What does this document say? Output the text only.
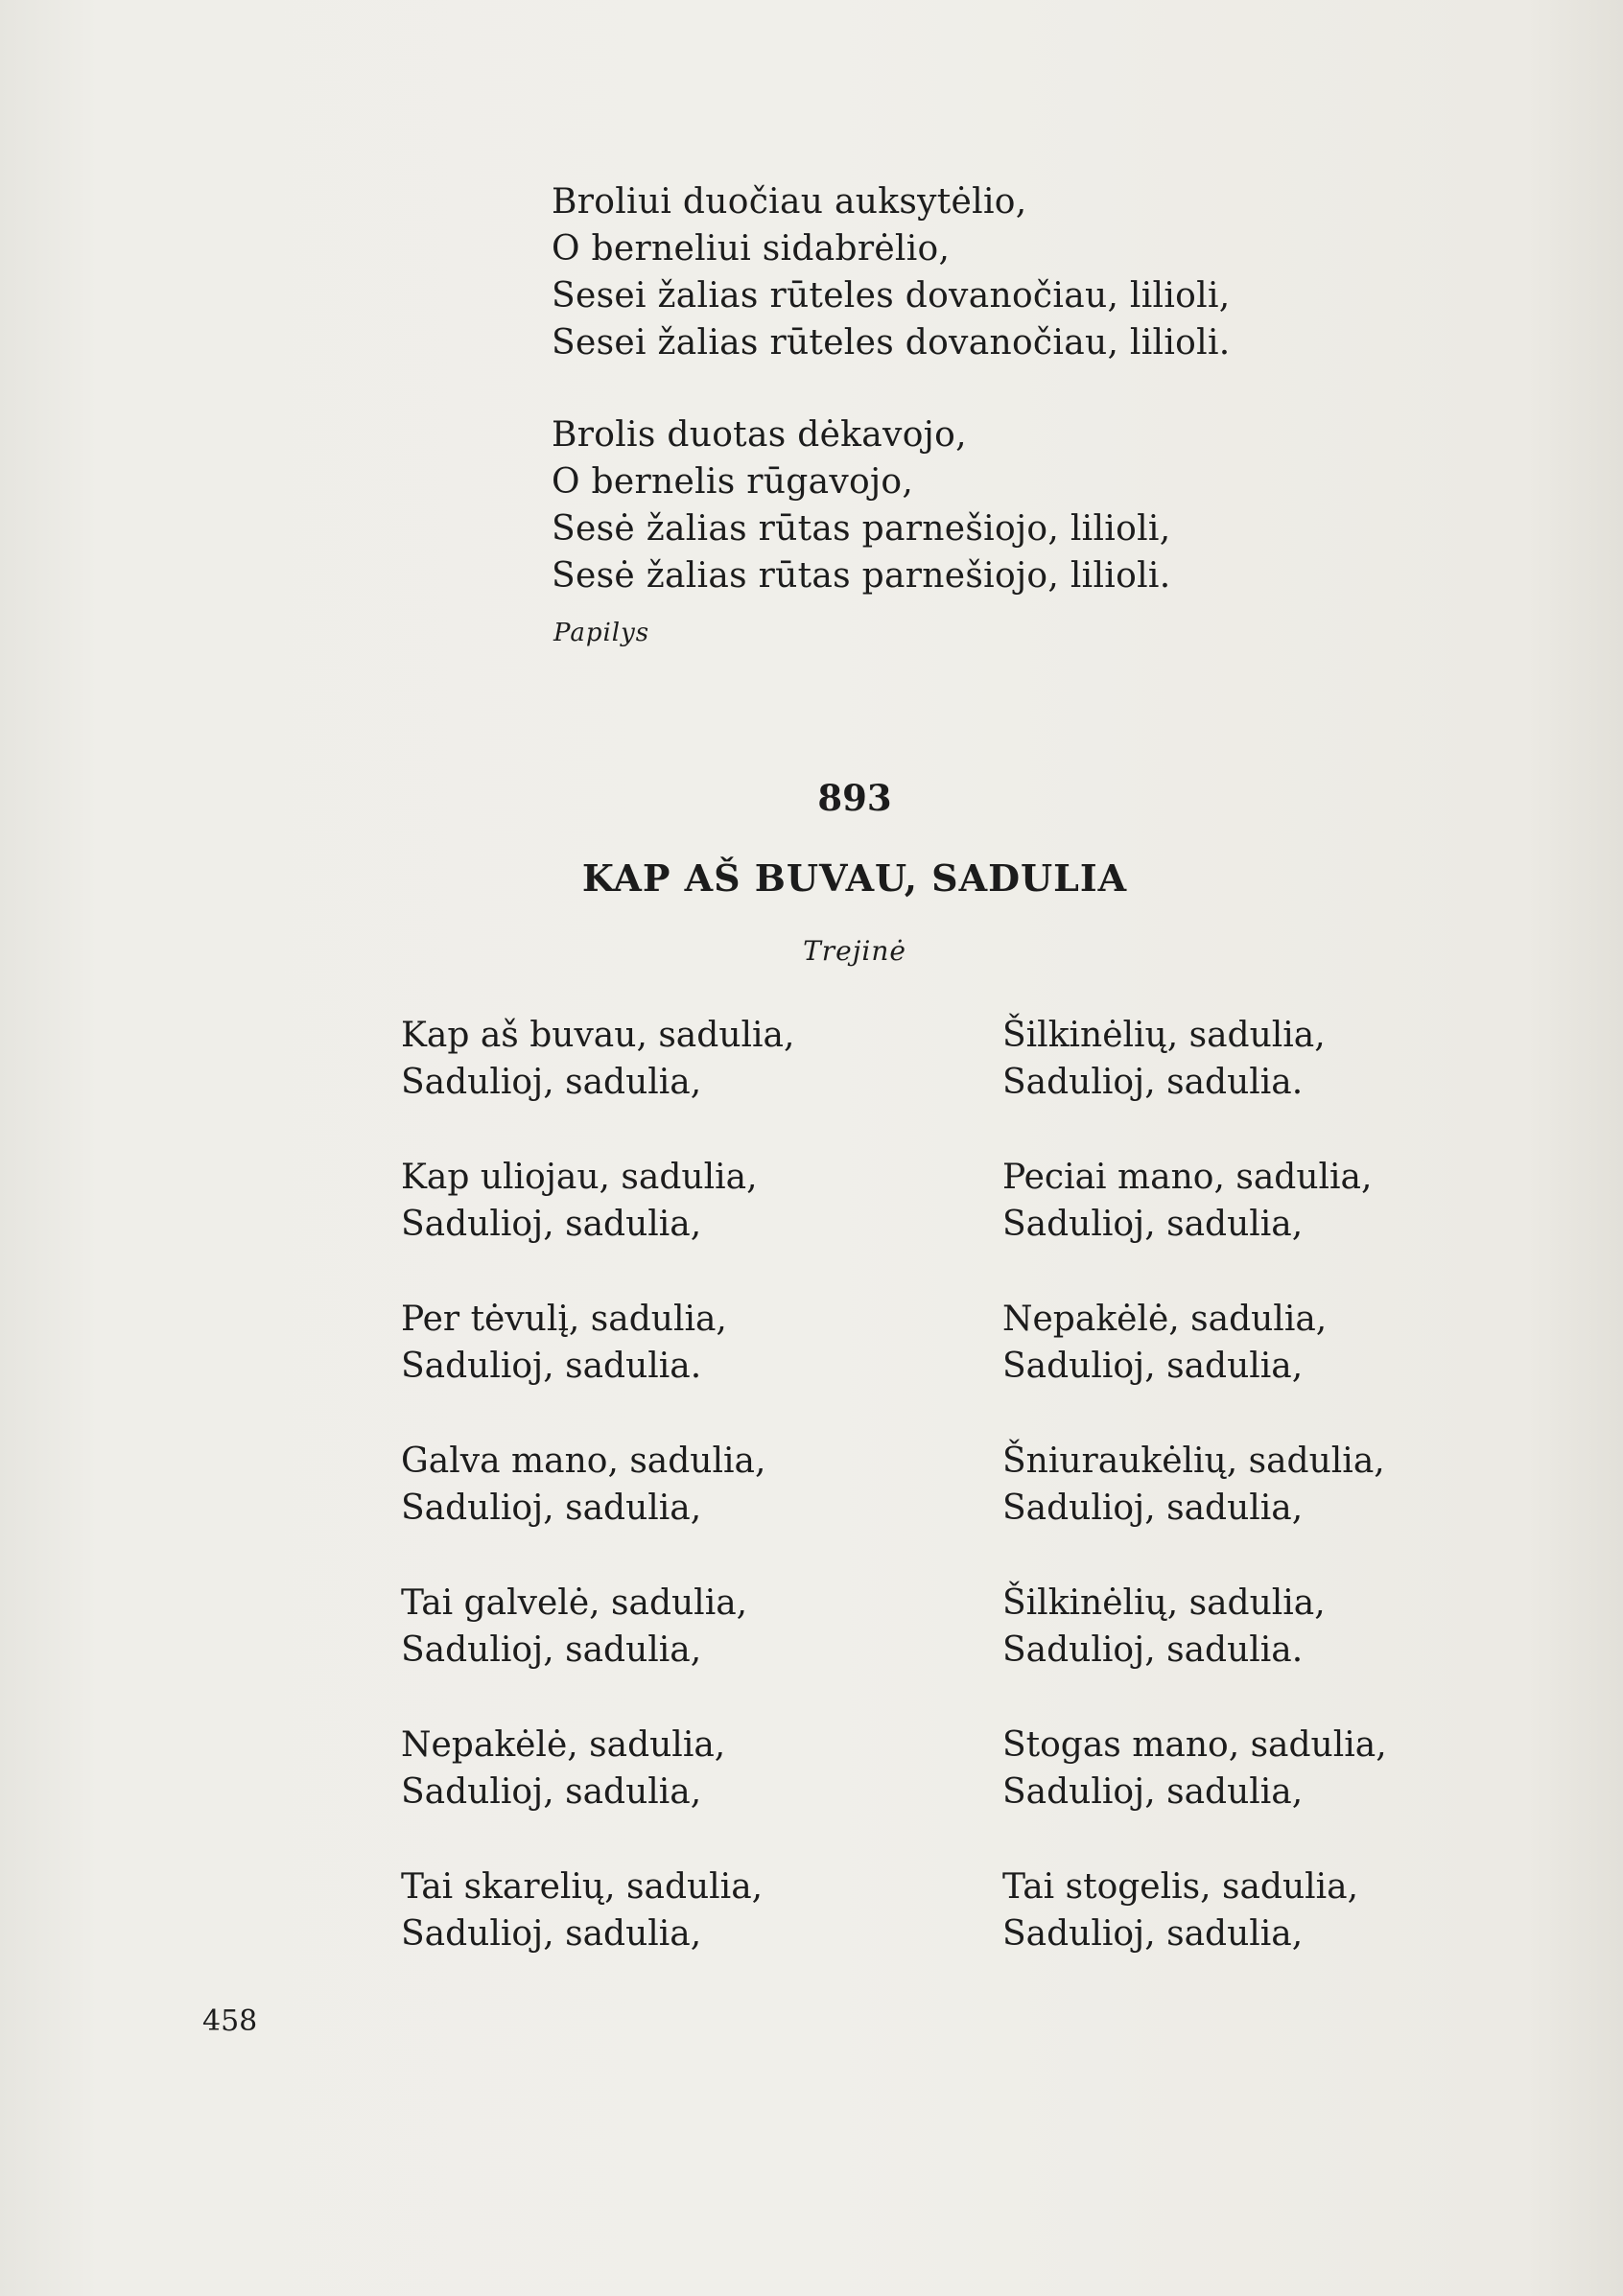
Broliui duočiau auksytėlio,
O berneliui sidabrėlio,
Sesei žalias rūteles dovanočiau, lilioli,
Sesei žalias rūteles dovanočiau, lilioli.
Brolis duotas dėkavojo,
O bernelis rūgavojo,
Sesė žalias rūtas parnešiojo, lilioli,
Sesė žalias rūtas parnešiojo, lilioli.
Papilys
893
KAP AŠ BUVAU, SADULIA
Trejinė
Kap aš buvau, sadulia,
Sadulioj, sadulia,
Kap uliojau, sadulia,
Sadulioj, sadulia,
Per tėvulį, sadulia,
Sadulioj, sadulia.
Galva mano, sadulia,
Sadulioj, sadulia,
Tai galvelė, sadulia,
Sadulioj, sadulia,
Nepakėlė, sadulia,
Sadulioj, sadulia,
Tai skarelių, sadulia,
Sadulioj, sadulia,
Šilkinėlių, sadulia,
Sadulioj, sadulia.
Peciai mano, sadulia,
Sadulioj, sadulia,
Nepakėlė, sadulia,
Sadulioj, sadulia,
Šniuraukėlių, sadulia,
Sadulioj, sadulia,
Šilkinėlių, sadulia,
Sadulioj, sadulia.
Stogas mano, sadulia,
Sadulioj, sadulia,
Tai stogelis, sadulia,
Sadulioj, sadulia,
458
